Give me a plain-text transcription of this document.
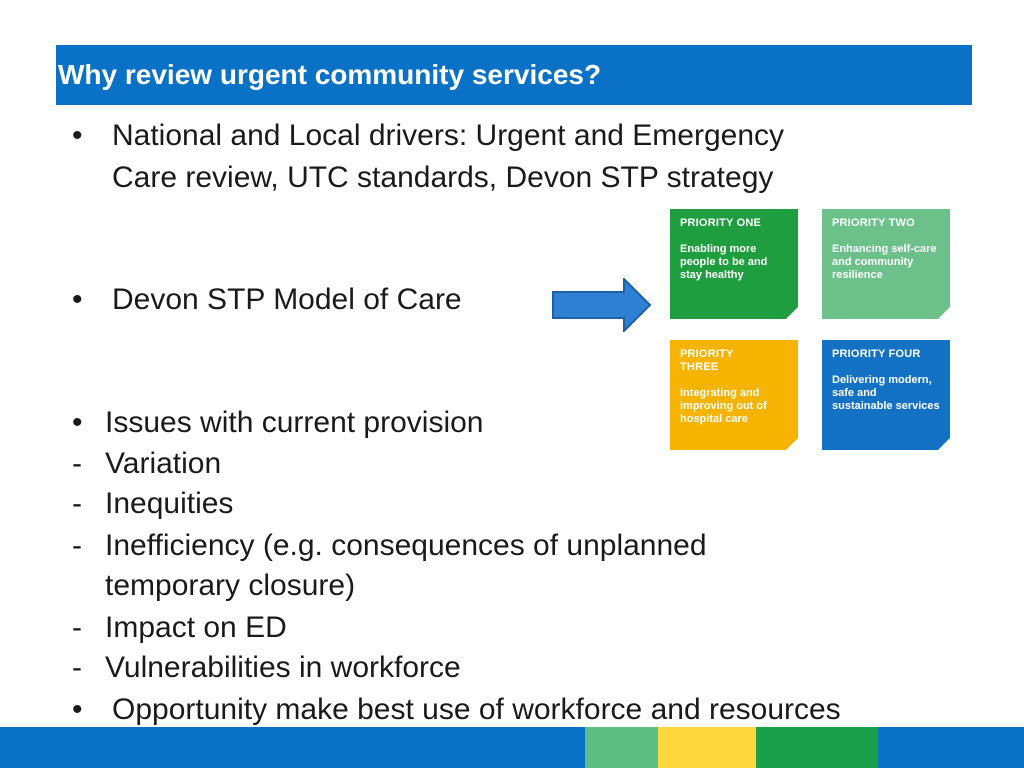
Why review urgent community services?
• National and Local drivers: Urgent and Emergency
Care review, UTC standards, Devon STP strategy
• Devon STP Model of Care
PRIORITY ONE
Enabling more people to be and stay healthy
PRIORITY TWO
Enhancing self-care and community resilience
PRIORITY THREE
Integrating and improving out of hospital care
PRIORITY FOUR
Delivering modern, safe and sustainable services
• Issues with current provision
- Variation
- Inequities
- Inefficiency (e.g. consequences of unplanned
temporary closure)
- Impact on ED
- Vulnerabilities in workforce
• Opportunity make best use of workforce and resources
